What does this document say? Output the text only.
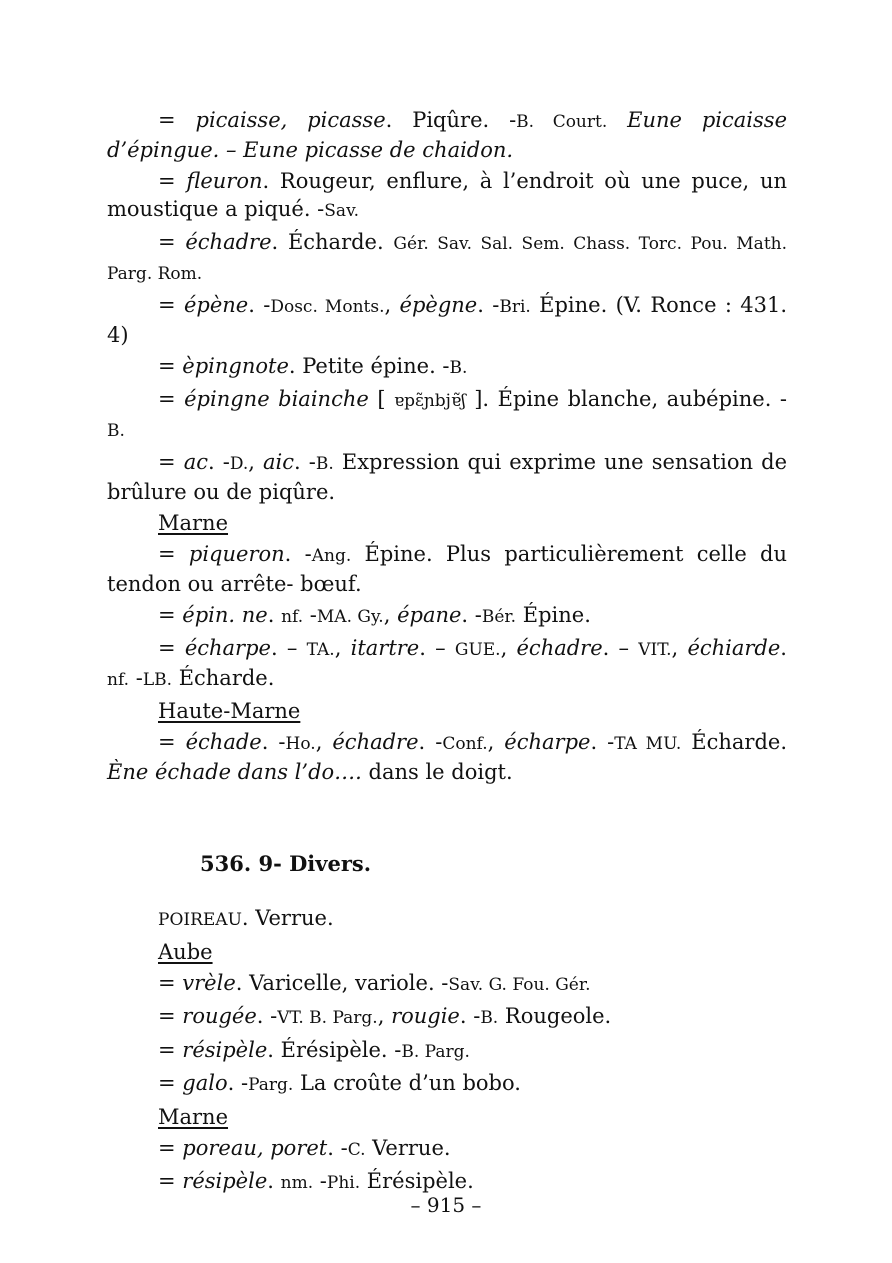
= picaisse, picasse. Piqûre. -B. Court. Eune picaisse d’épingue. – Eune picasse de chaidon.
= fleuron. Rougeur, enflure, à l’endroit où une puce, un moustique a piqué. -Sav.
= échadre. Écharde. Gér. Sav. Sal. Sem. Chass. Torc. Pou. Math. Parg. Rom.
= épène. -Dosc. Monts., épègne. -Bri. Épine. (V. Ronce : 431. 4)
= èpingnote. Petite épine. -B.
= épingne biainche [ ɐpɛ̃ɲbjɐ̃ʃ ]. Épine blanche, aubépine. -B.
= ac. -D., aic. -B. Expression qui exprime une sensation de brûlure ou de piqûre.
Marne
= piqueron. -Ang. Épine. Plus particulièrement celle du tendon ou arrête- bœuf.
= épin. ne. nf. -MA. Gy., épane. -Bér. Épine.
= écharpe. – TA., itartre. – GUE., échadre. – VIT., échiarde. nf. -LB. Écharde.
Haute-Marne
= échade. -Ho., échadre. -Conf., écharpe. -TA MU. Écharde. Ène échade dans l’do…. dans le doigt.
536. 9- Divers.
POIREAU. Verrue.
Aube
= vrèle. Varicelle, variole. -Sav. G. Fou. Gér.
= rougée. -VT. B. Parg., rougie. -B. Rougeole.
= résipèle. Érésipèle. -B. Parg.
= galo. -Parg. La croûte d’un bobo.
Marne
= poreau, poret. -C. Verrue.
= résipèle. nm. -Phi. Érésipèle.
– 915 –
